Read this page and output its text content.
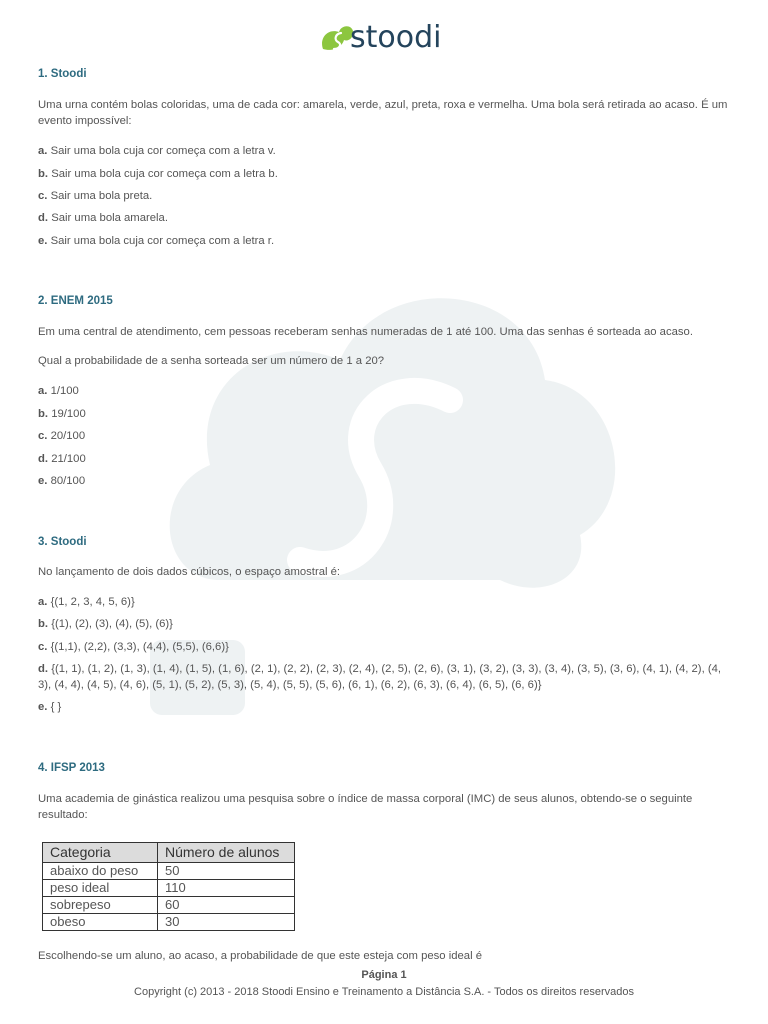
stoodi
1. Stoodi
Uma urna contém bolas coloridas, uma de cada cor: amarela, verde, azul, preta, roxa e vermelha. Uma bola será retirada ao acaso. É um evento impossível:
a. Sair uma bola cuja cor começa com a letra v.
b. Sair uma bola cuja cor começa com a letra b.
c. Sair uma bola preta.
d. Sair uma bola amarela.
e. Sair uma bola cuja cor começa com a letra r.
2. ENEM 2015
Em uma central de atendimento, cem pessoas receberam senhas numeradas de 1 até 100. Uma das senhas é sorteada ao acaso.
Qual a probabilidade de a senha sorteada ser um número de 1 a 20?
a. 1/100
b. 19/100
c. 20/100
d. 21/100
e. 80/100
3. Stoodi
No lançamento de dois dados cúbicos, o espaço amostral é:
a. {(1, 2, 3, 4, 5, 6)}
b. {(1), (2), (3), (4), (5), (6)}
c. {(1,1), (2,2), (3,3), (4,4), (5,5), (6,6)}
d. {(1, 1), (1, 2), (1, 3), (1, 4), (1, 5), (1, 6), (2, 1), (2, 2), (2, 3), (2, 4), (2, 5), (2, 6), (3, 1), (3, 2), (3, 3), (3, 4), (3, 5), (3, 6), (4, 1), (4, 2), (4, 3), (4, 4), (4, 5), (4, 6), (5, 1), (5, 2), (5, 3), (5, 4), (5, 5), (5, 6), (6, 1), (6, 2), (6, 3), (6, 4), (6, 5), (6, 6)}
e. { }
4. IFSP 2013
Uma academia de ginástica realizou uma pesquisa sobre o índice de massa corporal (IMC) de seus alunos, obtendo-se o seguinte resultado:
Categoria	Número de alunos
abaixo do peso	50
peso ideal	110
sobrepeso	60
obeso	30
Escolhendo-se um aluno, ao acaso, a probabilidade de que este esteja com peso ideal é
Página 1
Copyright (c) 2013 - 2018 Stoodi Ensino e Treinamento a Distância S.A. - Todos os direitos reservados
